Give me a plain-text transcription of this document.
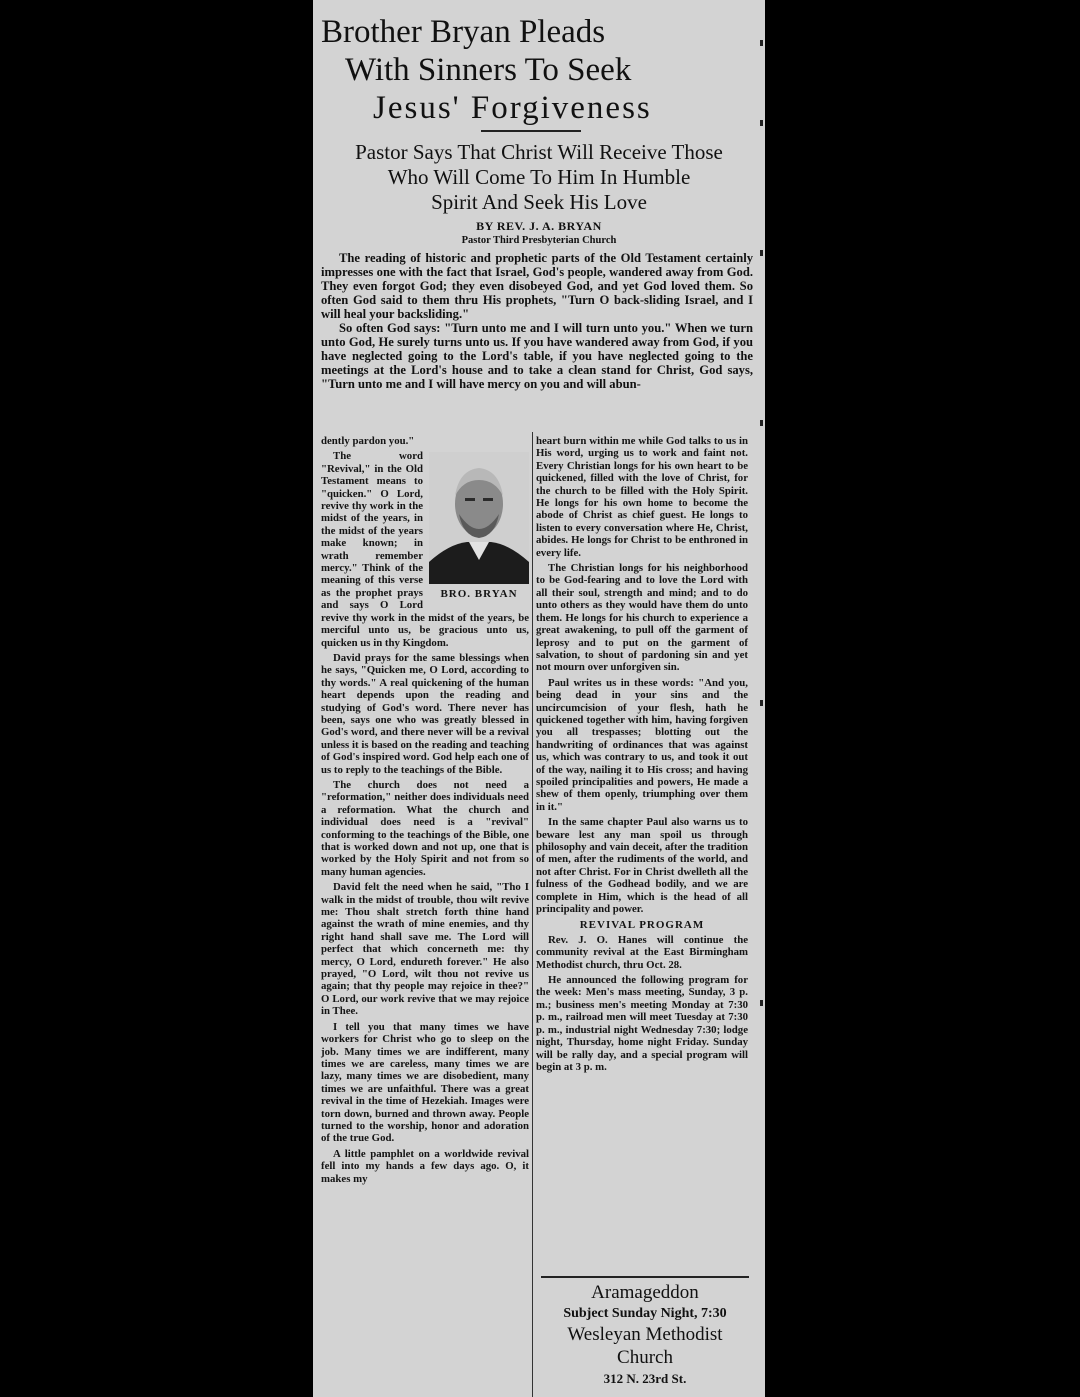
Brother Bryan Pleads
With Sinners To Seek
Jesus' Forgiveness
Pastor Says That Christ Will Receive Those
Who Will Come To Him In Humble
Spirit And Seek His Love
BY REV. J. A. BRYAN
Pastor Third Presbyterian Church

The reading of historic and prophetic parts of the Old Testament certainly impresses one with the fact that Israel, God's people, wandered away from God. They even forgot God; they even disobeyed God, and yet God loved them. So often God said to them thru His prophets, "Turn O back-sliding Israel, and I will heal your backsliding."

So often God says: "Turn unto me and I will turn unto you." When we turn unto God, He surely turns unto us. If you have wandered away from God, if you have neglected going to the Lord's table, if you have neglected going to the meetings at the Lord's house and to take a clean stand for Christ, God says, "Turn unto me and I will have mercy on you and will abun-

dently pardon you."

BRO. BRYAN

The word "Revival," in the Old Testament means to "quicken." O Lord, revive thy work in the midst of the years, in the midst of the years make known; in wrath remember mercy." Think of the meaning of this verse as the prophet prays and says O Lord revive thy work in the midst of the years, be merciful unto us, be gracious unto us, quicken us in thy Kingdom.

David prays for the same blessings when he says, "Quicken me, O Lord, according to thy words." A real quickening of the human heart depends upon the reading and studying of God's word. There never has been, says one who was greatly blessed in God's word, and there never will be a revival unless it is based on the reading and teaching of God's inspired word. God help each one of us to reply to the teachings of the Bible.

The church does not need a "reformation," neither does individuals need a reformation. What the church and individual does need is a "revival" conforming to the teachings of the Bible, one that is worked down and not up, one that is worked by the Holy Spirit and not from so many human agencies.

David felt the need when he said, "Tho I walk in the midst of trouble, thou wilt revive me: Thou shalt stretch forth thine hand against the wrath of mine enemies, and thy right hand shall save me. The Lord will perfect that which concerneth me: thy mercy, O Lord, endureth forever." He also prayed, "O Lord, wilt thou not revive us again; that thy people may rejoice in thee?" O Lord, our work revive that we may rejoice in Thee.

I tell you that many times we have workers for Christ who go to sleep on the job. Many times we are indifferent, many times we are careless, many times we are lazy, many times we are disobedient, many times we are unfaithful. There was a great revival in the time of Hezekiah. Images were torn down, burned and thrown away. People turned to the worship, honor and adoration of the true God.

A little pamphlet on a worldwide revival fell into my hands a few days ago. O, it makes my

heart burn within me while God talks to us in His word, urging us to work and faint not. Every Christian longs for his own heart to be quickened, filled with the love of Christ, for the church to be filled with the Holy Spirit. He longs for his own home to become the abode of Christ as chief guest. He longs to listen to every conversation where He, Christ, abides. He longs for Christ to be enthroned in every life.

The Christian longs for his neighborhood to be God-fearing and to love the Lord with all their soul, strength and mind; and to do unto others as they would have them do unto them. He longs for his church to experience a great awakening, to pull off the garment of leprosy and to put on the garment of salvation, to shout of pardoning sin and yet not mourn over unforgiven sin.

Paul writes us in these words: "And you, being dead in your sins and the uncircumcision of your flesh, hath he quickened together with him, having forgiven you all trespasses; blotting out the handwriting of ordinances that was against us, which was contrary to us, and took it out of the way, nailing it to His cross; and having spoiled principalities and powers, He made a shew of them openly, triumphing over them in it."

In the same chapter Paul also warns us to beware lest any man spoil us through philosophy and vain deceit, after the tradition of men, after the rudiments of the world, and not after Christ. For in Christ dwelleth all the fulness of the Godhead bodily, and we are complete in Him, which is the head of all principality and power.

REVIVAL PROGRAM

Rev. J. O. Hanes will continue the community revival at the East Birmingham Methodist church, thru Oct. 28.

He announced the following program for the week: Men's mass meeting, Sunday, 3 p. m.; business men's meeting Monday at 7:30 p. m., railroad men will meet Tuesday at 7:30 p. m., industrial night Wednesday 7:30; lodge night, Thursday, home night Friday. Sunday will be rally day, and a special program will begin at 3 p. m.

Aramageddon
Subject Sunday Night, 7:30
Wesleyan Methodist
Church
312 N. 23rd St.
